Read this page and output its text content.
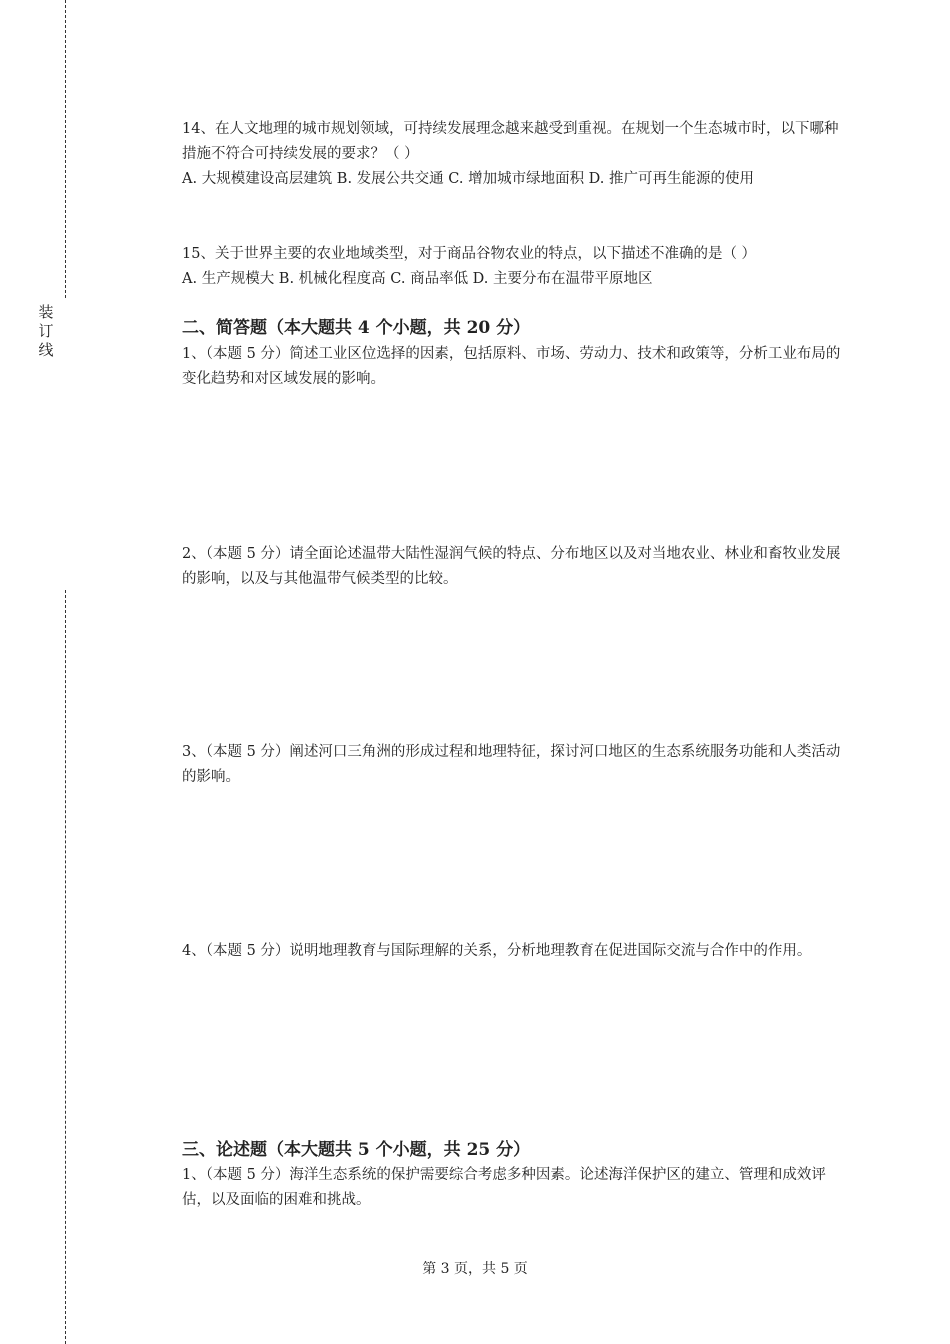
装
订
线

14、在人文地理的城市规划领域，可持续发展理念越来越受到重视。在规划一个生态城市时，以下哪种措施不符合可持续发展的要求？（ ）

A. 大规模建设高层建筑 B. 发展公共交通 C. 增加城市绿地面积 D. 推广可再生能源的使用

15、关于世界主要的农业地域类型，对于商品谷物农业的特点，以下描述不准确的是（ ）

A. 生产规模大 B. 机械化程度高 C. 商品率低 D. 主要分布在温带平原地区

二、简答题（本大题共 4 个小题，共 20 分）

1、（本题 5 分）简述工业区位选择的因素，包括原料、市场、劳动力、技术和政策等，分析工业布局的变化趋势和对区域发展的影响。

2、（本题 5 分）请全面论述温带大陆性湿润气候的特点、分布地区以及对当地农业、林业和畜牧业发展的影响，以及与其他温带气候类型的比较。

3、（本题 5 分）阐述河口三角洲的形成过程和地理特征，探讨河口地区的生态系统服务功能和人类活动的影响。

4、（本题 5 分）说明地理教育与国际理解的关系，分析地理教育在促进国际交流与合作中的作用。

三、论述题（本大题共 5 个小题，共 25 分）

1、（本题 5 分）海洋生态系统的保护需要综合考虑多种因素。论述海洋保护区的建立、管理和成效评估，以及面临的困难和挑战。

第 3 页，共 5 页
